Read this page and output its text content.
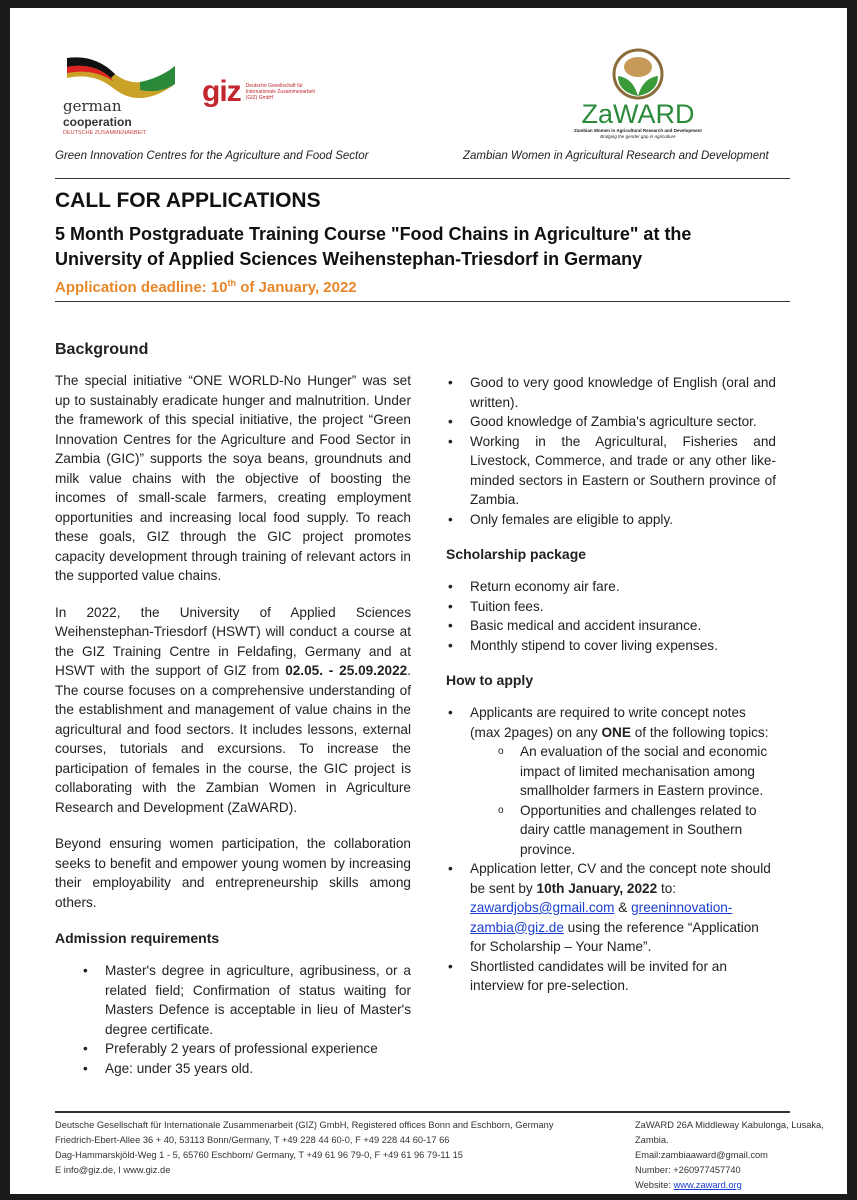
german
cooperation
DEUTSCHE ZUSAMMENARBEIT
giz Deutsche Gesellschaft für Internationale Zusammenarbeit (GIZ) GmbH
ZaWARD
Zambian Women in Agricultural Research and Development
Bridging the gender gap in Agriculture
Green Innovation Centres for the Agriculture and Food Sector	Zambian Women in Agricultural Research and Development
CALL FOR APPLICATIONS
5 Month Postgraduate Training Course "Food Chains in Agriculture" at the
University of Applied Sciences Weihenstephan-Triesdorf in Germany
Application deadline: 10th of January, 2022
Background

The special initiative “ONE WORLD-No Hunger” was set up to sustainably eradicate hunger and malnutrition. Under the framework of this special initiative, the project “Green Innovation Centres for the Agriculture and Food Sector in Zambia (GIC)” supports the soya beans, groundnuts and milk value chains with the objective of boosting the incomes of small-scale farmers, creating employment opportunities and increasing local food supply. To reach these goals, GIZ through the GIC project promotes capacity development through training of relevant actors in the supported value chains.

In 2022, the University of Applied Sciences Weihenstephan-Triesdorf (HSWT) will conduct a course at the GIZ Training Centre in Feldafing, Germany and at HSWT with the support of GIZ from 02.05. - 25.09.2022. The course focuses on a comprehensive understanding of the establishment and management of value chains in the agricultural and food sectors. It includes lessons, external courses, tutorials and excursions. To increase the participation of females in the course, the GIC project is collaborating with the Zambian Women in Agriculture Research and Development (ZaWARD).

Beyond ensuring women participation, the collaboration seeks to benefit and empower young women by increasing their employability and entrepreneurship skills among others.

Admission requirements
• Master's degree in agriculture, agribusiness, or a related field; Confirmation of status waiting for Masters Defence is acceptable in lieu of Master's degree certificate.
• Preferably 2 years of professional experience
• Age: under 35 years old.
• Good to very good knowledge of English (oral and written).
• Good knowledge of Zambia's agriculture sector.
• Working in the Agricultural, Fisheries and Livestock, Commerce, and trade or any other like-minded sectors in Eastern or Southern province of Zambia.
• Only females are eligible to apply.
Scholarship package
• Return economy air fare.
• Tuition fees.
• Basic medical and accident insurance.
• Monthly stipend to cover living expenses.
How to apply
• Applicants are required to write concept notes (max 2pages) on any ONE of the following topics:
o An evaluation of the social and economic impact of limited mechanisation among smallholder farmers in Eastern province.
o Opportunities and challenges related to dairy cattle management in Southern province.
• Application letter, CV and the concept note should be sent by 10th January, 2022 to:
zawardjobs@gmail.com & greeninnovation-zambia@giz.de using the reference “Application for Scholarship – Your Name”.
• Shortlisted candidates will be invited for an interview for pre-selection.
Deutsche Gesellschaft für Internationale Zusammenarbeit (GIZ) GmbH, Registered offices Bonn and Eschborn, Germany
Friedrich-Ebert-Allee 36 + 40, 53113 Bonn/Germany, T +49 228 44 60-0, F +49 228 44 60-17 66
Dag-Hammarskjöld-Weg 1 - 5, 65760 Eschborn/ Germany, T +49 61 96 79-0, F +49 61 96 79-11 15
E info@giz.de, I www.giz.de
ZaWARD 26A Middleway Kabulonga, Lusaka, Zambia.
Email:zambiaaward@gmail.com
Number: +260977457740
Website: www.zaward.org
